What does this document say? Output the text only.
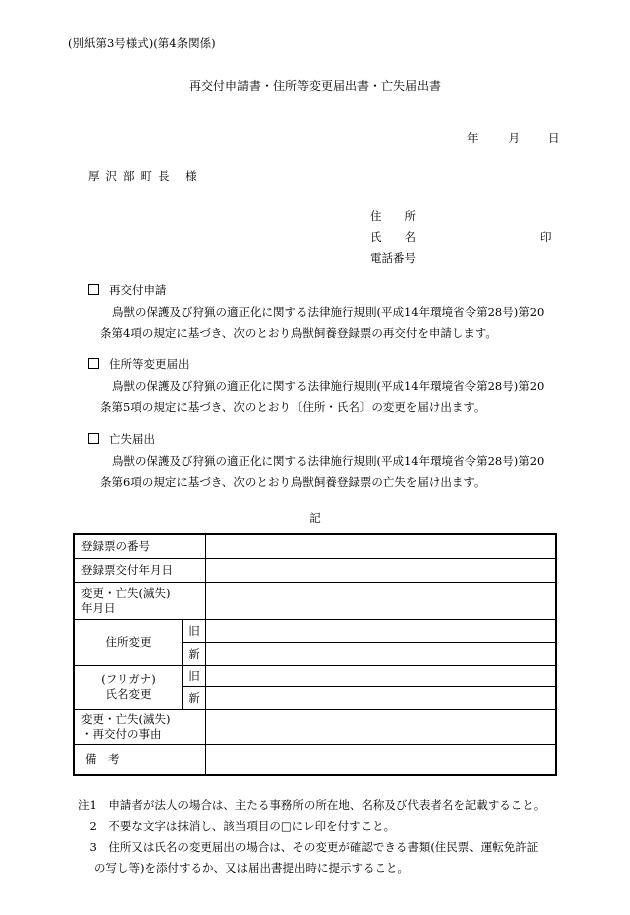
(別紙第3号様式)(第4条関係)
再交付申請書・住所等変更届出書・亡失届出書
年	月 日
厚沢部町長 様
住　　所
氏　　名	印
電話番号
再交付申請
鳥獣の保護及び狩猟の適正化に関する法律施行規則(平成14年環境省令第28号)第20
条第4項の規定に基づき、次のとおり鳥獣飼養登録票の再交付を申請します。
住所等変更届出
鳥獣の保護及び狩猟の適正化に関する法律施行規則(平成14年環境省令第28号)第20
条第5項の規定に基づき、次のとおり〔住所・氏名〕の変更を届け出ます。
亡失届出
鳥獣の保護及び狩猟の適正化に関する法律施行規則(平成14年環境省令第28号)第20
条第6項の規定に基づき、次のとおり鳥獣飼養登録票の亡失を届け出ます。
記
登録票の番号		
登録票交付年月日		
変更・亡失(滅失)
年月日		
住所変更	旧	
	新	
(フリガナ)
氏名変更	旧	
	新	
変更・亡失(滅失)
・再交付の事由		
備　考		
注1　申請者が法人の場合は、主たる事務所の所在地、名称及び代表者名を記載すること。
　2　不要な文字は抹消し、該当項目の□にレ印を付すこと。
　3　住所又は氏名の変更届出の場合は、その変更が確認できる書類(住民票、運転免許証
の写し等)を添付するか、又は届出書提出時に提示すること。
